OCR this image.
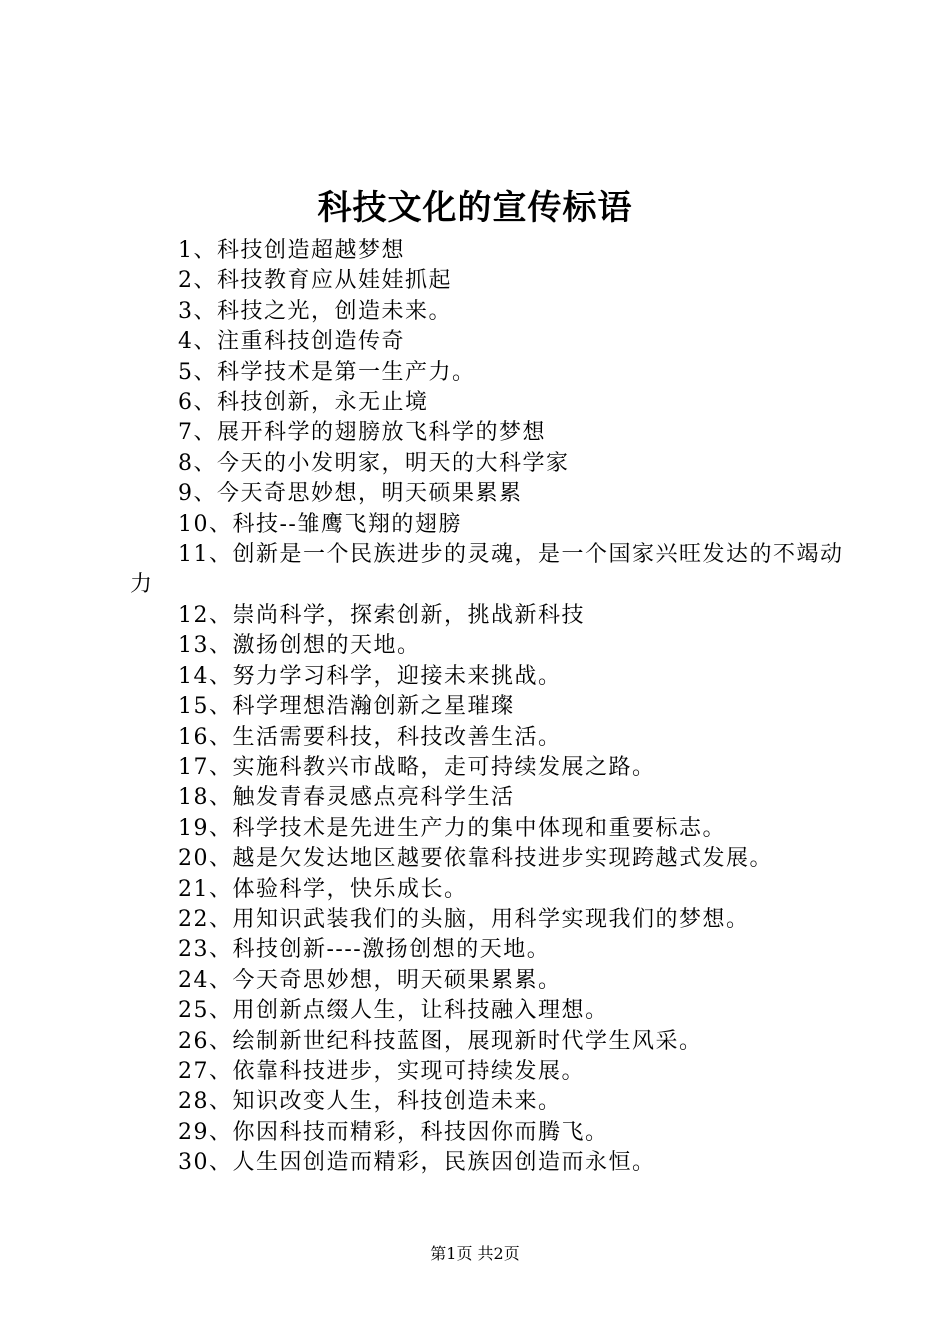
科技文化的宣传标语
1、科技创造超越梦想
2、科技教育应从娃娃抓起
3、科技之光，创造未来。
4、注重科技创造传奇
5、科学技术是第一生产力。
6、科技创新，永无止境
7、展开科学的翅膀放飞科学的梦想
8、今天的小发明家，明天的大科学家
9、今天奇思妙想，明天硕果累累
10、科技--雏鹰飞翔的翅膀
11、创新是一个民族进步的灵魂，是一个国家兴旺发达的不竭动力
12、崇尚科学，探索创新，挑战新科技
13、激扬创想的天地。
14、努力学习科学，迎接未来挑战。
15、科学理想浩瀚创新之星璀璨
16、生活需要科技，科技改善生活。
17、实施科教兴市战略，走可持续发展之路。
18、触发青春灵感点亮科学生活
19、科学技术是先进生产力的集中体现和重要标志。
20、越是欠发达地区越要依靠科技进步实现跨越式发展。
21、体验科学，快乐成长。
22、用知识武装我们的头脑，用科学实现我们的梦想。
23、科技创新----激扬创想的天地。
24、今天奇思妙想，明天硕果累累。
25、用创新点缀人生，让科技融入理想。
26、绘制新世纪科技蓝图，展现新时代学生风采。
27、依靠科技进步，实现可持续发展。
28、知识改变人生，科技创造未来。
29、你因科技而精彩，科技因你而腾飞。
30、人生因创造而精彩，民族因创造而永恒。
第1页 共2页
